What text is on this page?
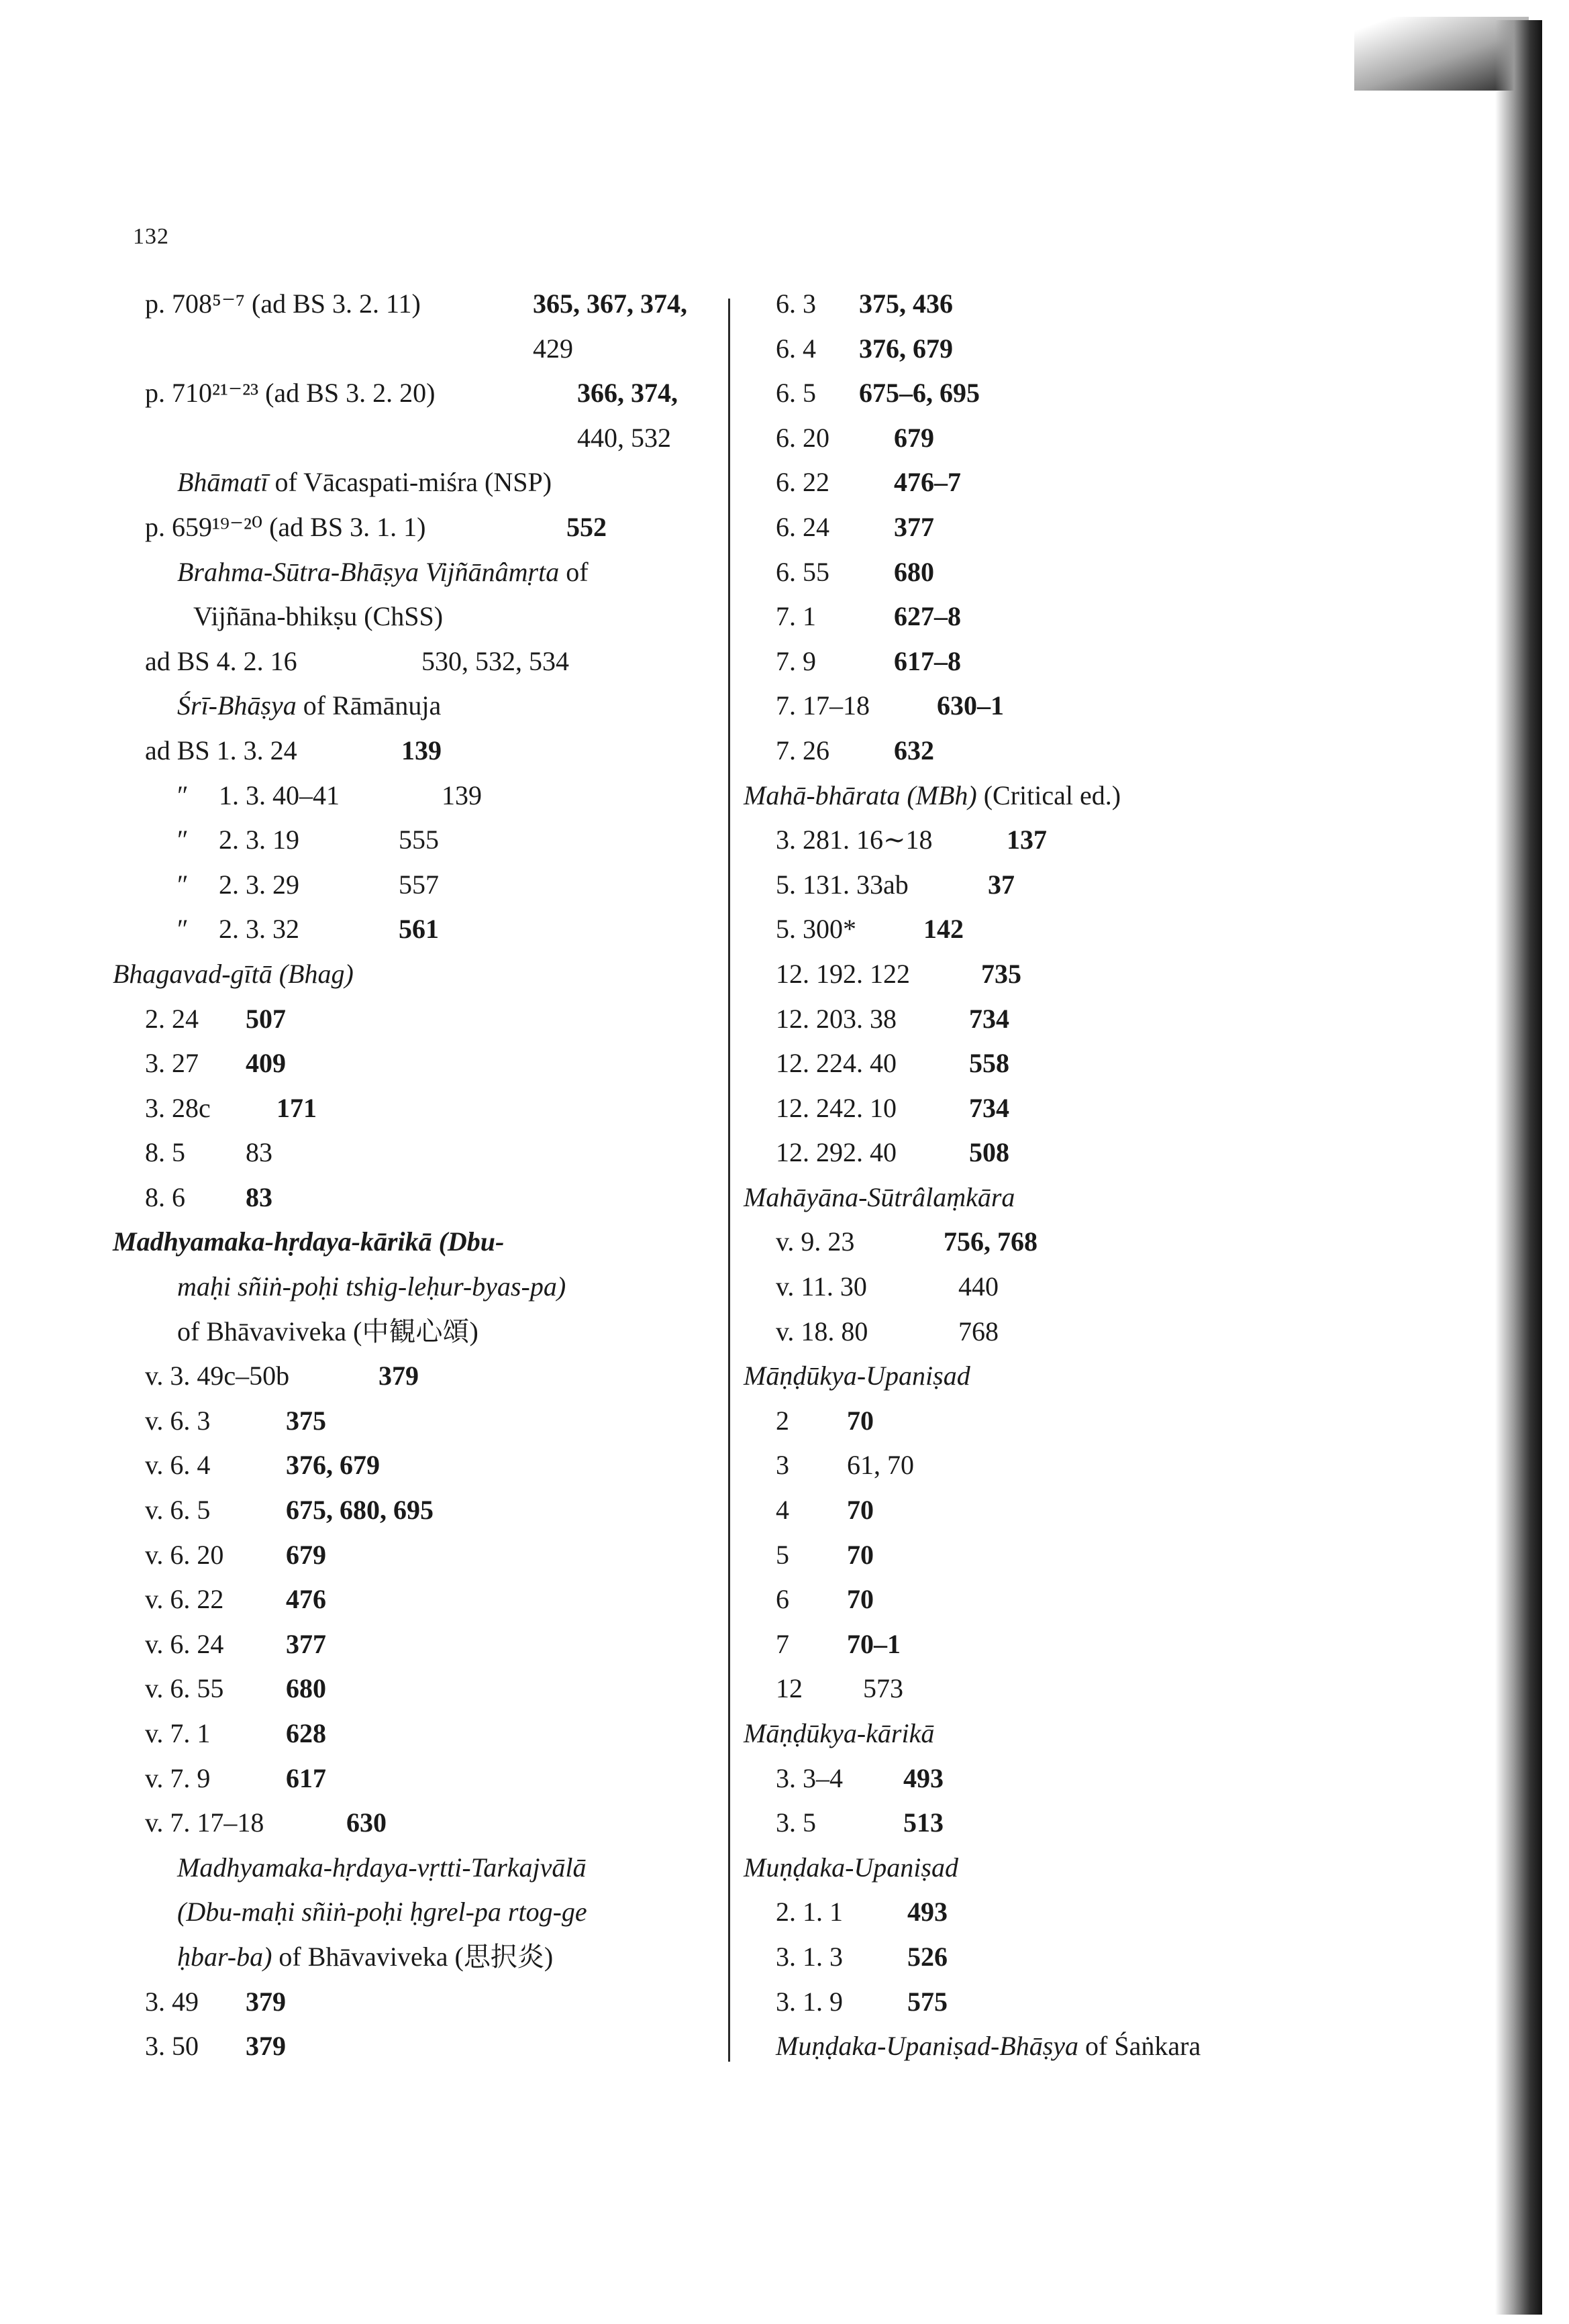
132
p. 708⁵⁻⁷ (ad BS 3. 2. 11)	365, 367, 374,
429
p. 710²¹⁻²³ (ad BS 3. 2. 20)	366, 374,
440, 532
Bhāmatī of Vācaspati-miśra (NSP)
p. 659¹⁹⁻²⁰ (ad BS 3. 1. 1)	552
Brahma-Sūtra-Bhāṣya Vijñānâmṛta of
Vijñāna-bhikṣu (ChSS)
ad BS 4. 2. 16	530, 532, 534
Śrī-Bhāṣya of Rāmānuja
ad BS 1. 3. 24	139
″ 1. 3. 40–41	139
″ 2. 3. 19	555
″ 2. 3. 29	557
″ 2. 3. 32	561
Bhagavad-gītā (Bhag)
2. 24 507
3. 27 409
3. 28c 171
8. 5 83
8. 6 83
Madhyamaka-hṛdaya-kārikā (Dbu-
maḥi sñiṅ-poḥi tshig-leḥur-byas-pa)
of Bhāvaviveka (中観心頌)
v. 3. 49c–50b	379
v. 6. 3	375
v. 6. 4	376, 679
v. 6. 5	675, 680, 695
v. 6. 20 679
v. 6. 22 476
v. 6. 24 377
v. 6. 55 680
v. 7. 1	628
v. 7. 9	617
v. 7. 17–18	630
Madhyamaka-hṛdaya-vṛtti-Tarkajvālā
(Dbu-maḥi sñiṅ-poḥi ḥgrel-pa rtog-ge
ḥbar-ba) of Bhāvaviveka (思択炎)
3. 49 379
3. 50 379
6. 3 375, 436
6. 4 376, 679
6. 5 675–6, 695
6. 20 679
6. 22 476–7
6. 24 377
6. 55 680
7. 1	627–8
7. 9	617–8
7. 17–18	630–1
7. 26 632
Mahā-bhārata (MBh) (Critical ed.)
3. 281. 16∼18	137
5. 131. 33ab	37
5. 300*	142
12. 192. 122	735
12. 203. 38	734
12. 224. 40	558
12. 242. 10	734
12. 292. 40	508
Mahāyāna-Sūtrâlaṃkāra
v. 9. 23	756, 768
v. 11. 30	440
v. 18. 80	768
Māṇḍūkya-Upaniṣad
2 70
3 61, 70
4 70
5 70
6 70
7 70–1
12 573
Māṇḍūkya-kārikā
3. 3–4 493
3. 5	513
Muṇḍaka-Upaniṣad
2. 1. 1 493
3. 1. 3 526
3. 1. 9 575
Muṇḍaka-Upaniṣad-Bhāṣya of Śaṅkara
